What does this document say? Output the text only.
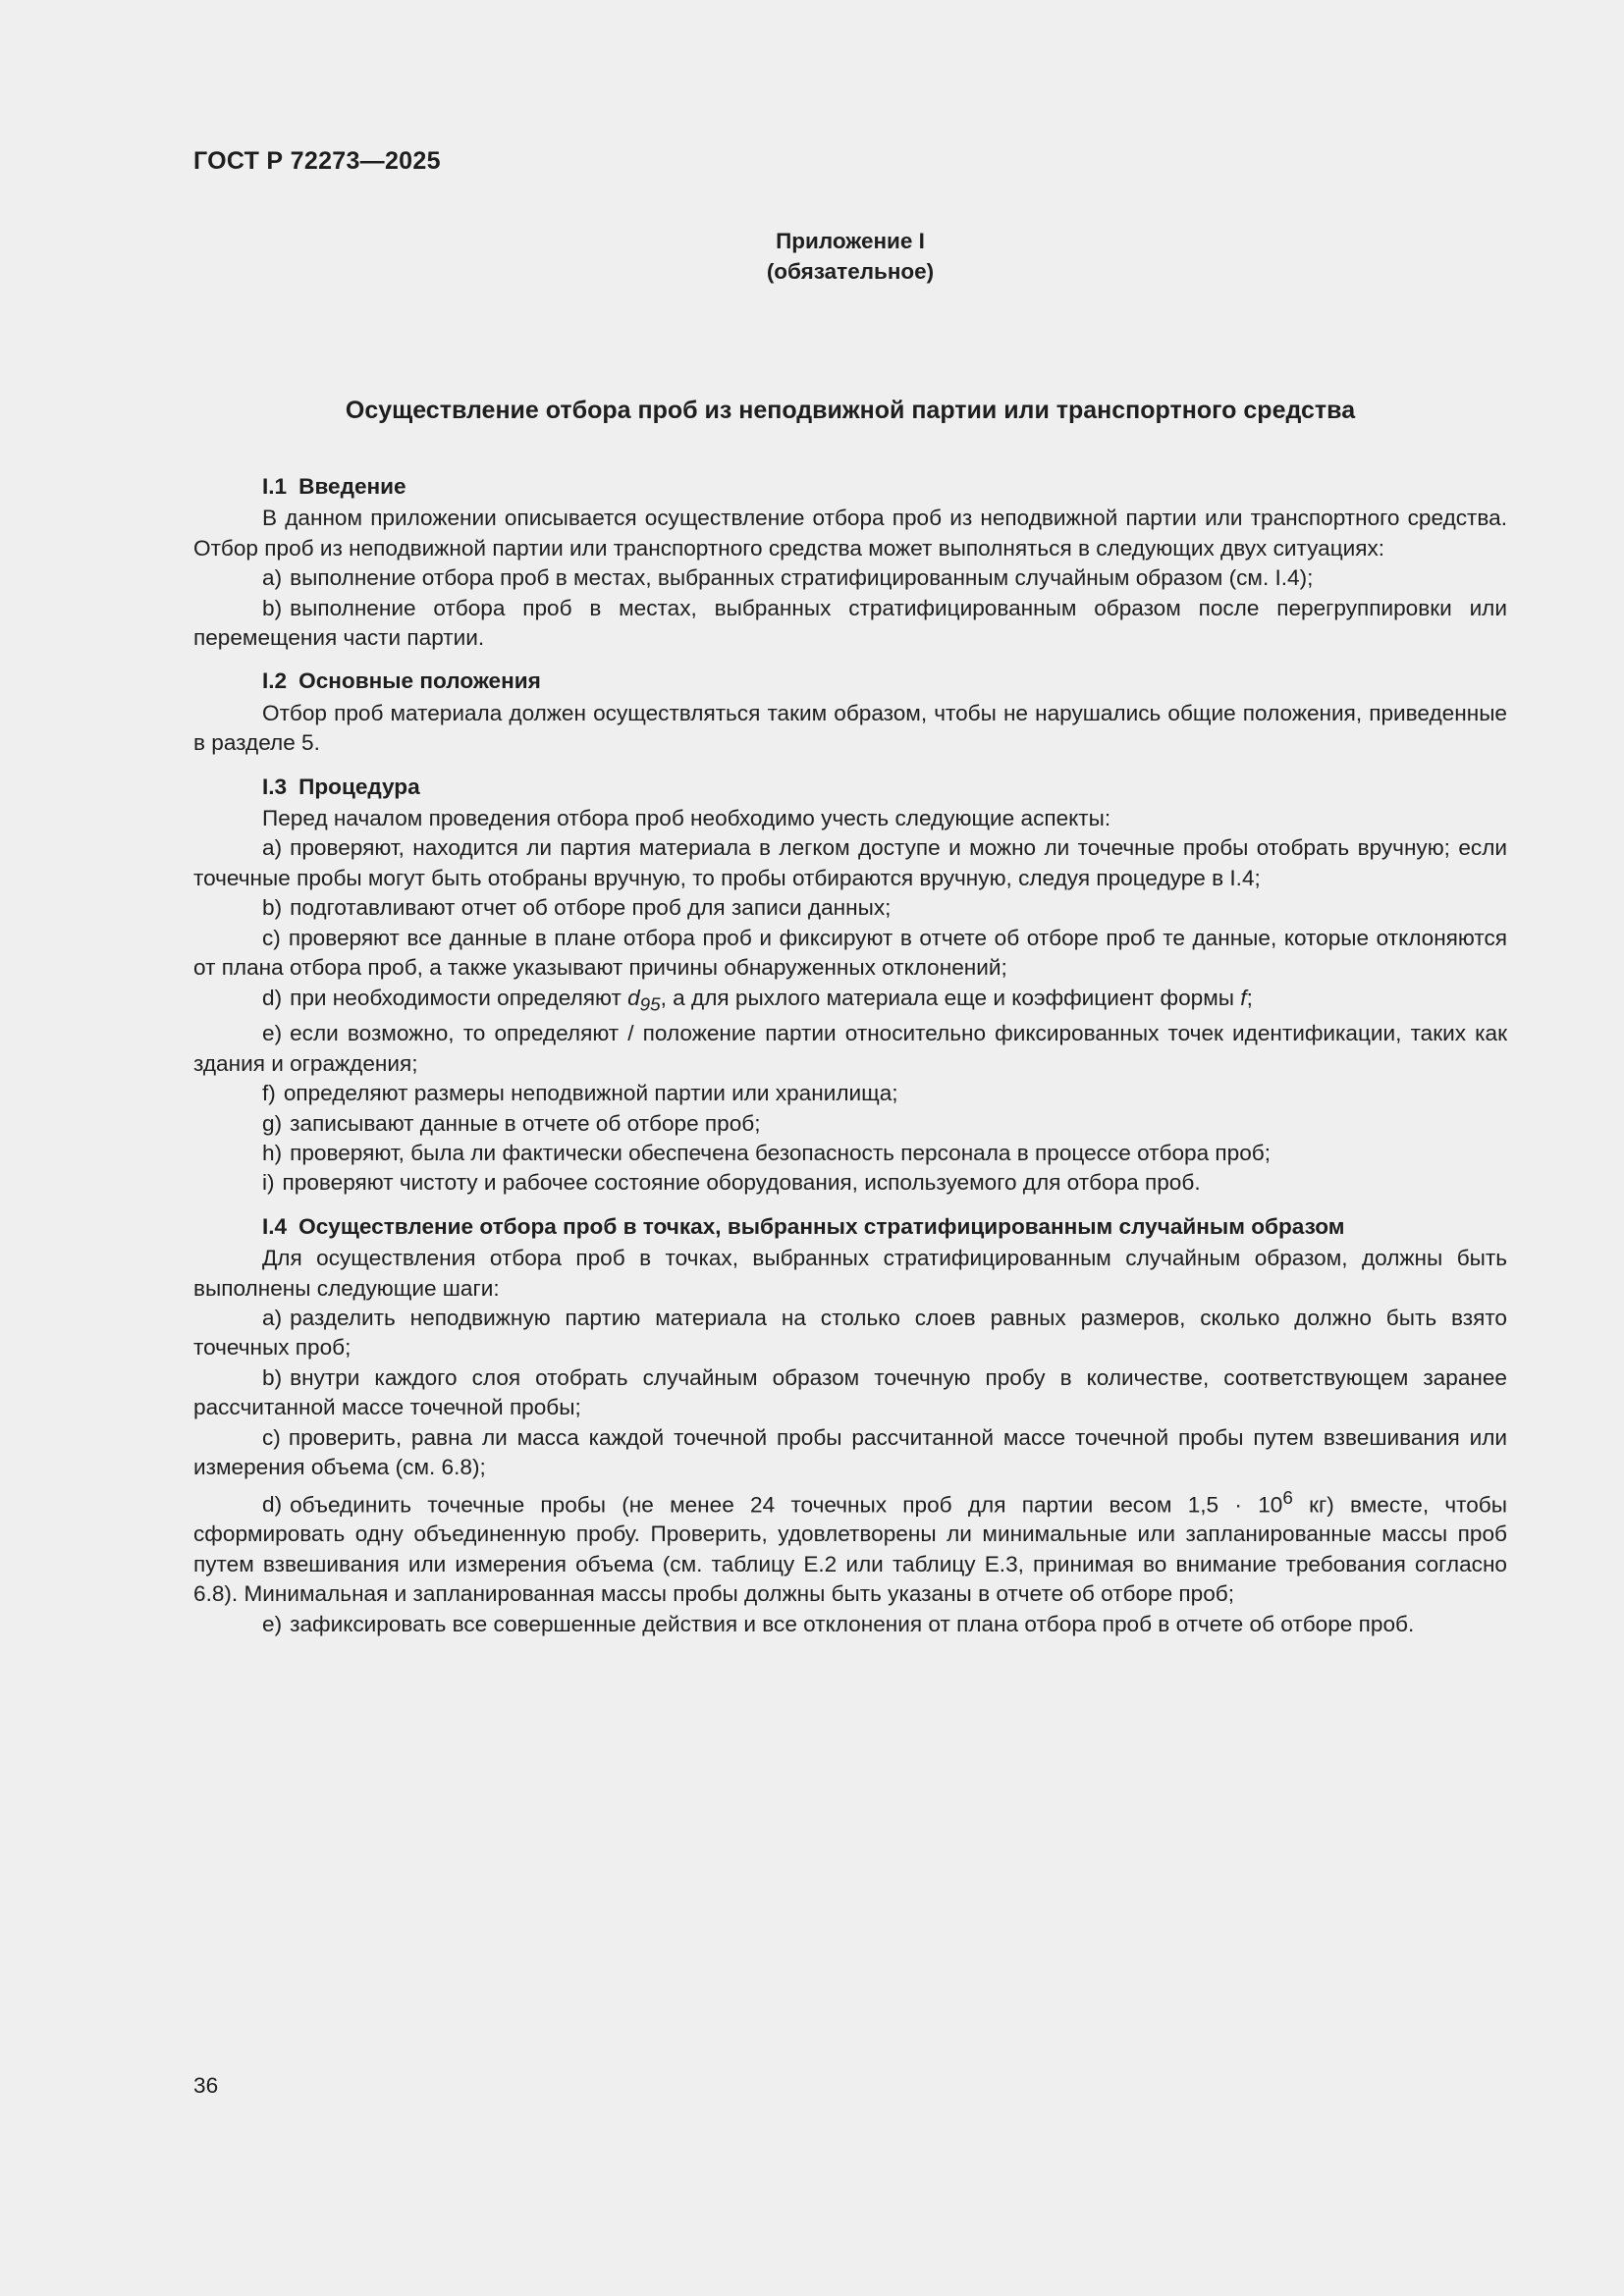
ГОСТ Р 72273—2025
Приложение I
(обязательное)
Осуществление отбора проб из неподвижной партии или транспортного средства
I.1 Введение

В данном приложении описывается осуществление отбора проб из неподвижной партии или транспортного средства. Отбор проб из неподвижной партии или транспортного средства может выполняться в следующих двух ситуациях:

a) выполнение отбора проб в местах, выбранных стратифицированным случайным образом (см. I.4);

b) выполнение отбора проб в местах, выбранных стратифицированным образом после перегруппировки или перемещения части партии.

I.2 Основные положения

Отбор проб материала должен осуществляться таким образом, чтобы не нарушались общие положения, приведенные в разделе 5.

I.3 Процедура

Перед началом проведения отбора проб необходимо учесть следующие аспекты:

a) проверяют, находится ли партия материала в легком доступе и можно ли точечные пробы отобрать вручную; если точечные пробы могут быть отобраны вручную, то пробы отбираются вручную, следуя процедуре в I.4;

b) подготавливают отчет об отборе проб для записи данных;

c) проверяют все данные в плане отбора проб и фиксируют в отчете об отборе проб те данные, которые отклоняются от плана отбора проб, а также указывают причины обнаруженных отклонений;

d) при необходимости определяют $d_{95}$, а для рыхлого материала еще и коэффициент формы f;

e) если возможно, то определяют / положение партии относительно фиксированных точек идентификации, таких как здания и ограждения;

f) определяют размеры неподвижной партии или хранилища;

g) записывают данные в отчете об отборе проб;

h) проверяют, была ли фактически обеспечена безопасность персонала в процессе отбора проб;

i) проверяют чистоту и рабочее состояние оборудования, используемого для отбора проб.

I.4 Осуществление отбора проб в точках, выбранных стратифицированным случайным образом

Для осуществления отбора проб в точках, выбранных стратифицированным случайным образом, должны быть выполнены следующие шаги:

a) разделить неподвижную партию материала на столько слоев равных размеров, сколько должно быть взято точечных проб;

b) внутри каждого слоя отобрать случайным образом точечную пробу в количестве, соответствующем заранее рассчитанной массе точечной пробы;

c) проверить, равна ли масса каждой точечной пробы рассчитанной массе точечной пробы путем взвешивания или измерения объема (см. 6.8);

d) объединить точечные пробы (не менее 24 точечных проб для партии весом $1,5 \cdot 10^6$ кг) вместе, чтобы сформировать одну объединенную пробу. Проверить, удовлетворены ли минимальные или запланированные массы проб путем взвешивания или измерения объема (см. таблицу Е.2 или таблицу Е.3, принимая во внимание требования согласно 6.8). Минимальная и запланированная массы пробы должны быть указаны в отчете об отборе проб;

e) зафиксировать все совершенные действия и все отклонения от плана отбора проб в отчете об отборе проб.

36
